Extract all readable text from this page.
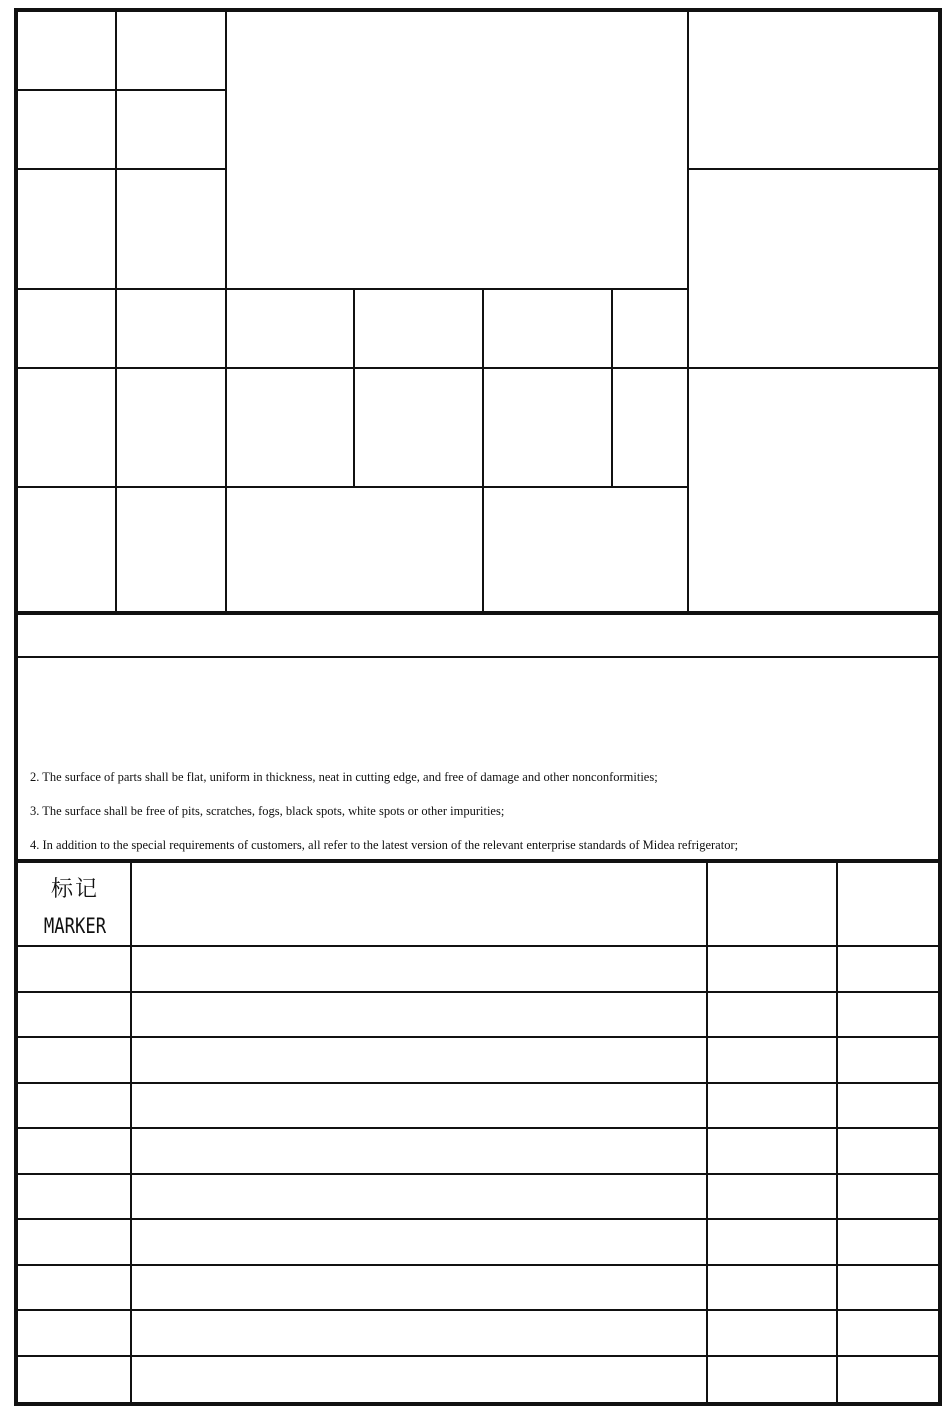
2. The surface of parts shall be flat, uniform in thickness, neat in cutting edge, and free of damage and other nonconformities;
3. The surface shall be free of pits, scratches, fogs, black spots, white spots or other impurities;
4. In addition to the special requirements of customers, all refer to the latest version of the relevant enterprise standards of Midea refrigerator;
标记
MARKER
